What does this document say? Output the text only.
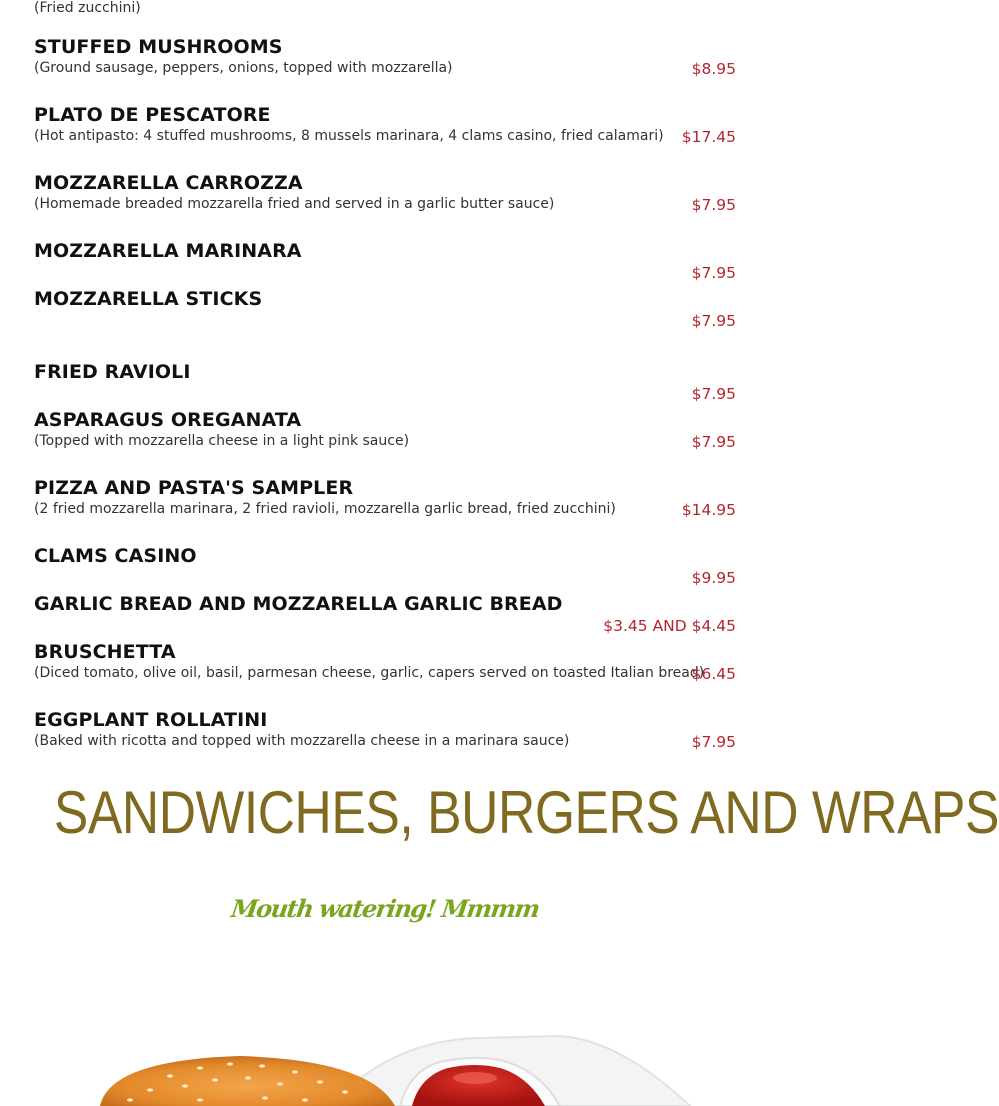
(Fried zucchini)
STUFFED MUSHROOMS
(Ground sausage, peppers, onions, topped with mozzarella)	$8.95
PLATO DE PESCATORE
(Hot antipasto: 4 stuffed mushrooms, 8 mussels marinara, 4 clams casino, fried calamari) $17.45
MOZZARELLA CARROZZA
(Homemade breaded mozzarella fried and served in a garlic butter sauce)	$7.95
MOZZARELLA MARINARA
$7.95
MOZZARELLA STICKS
$7.95
FRIED RAVIOLI
$7.95
ASPARAGUS OREGANATA
(Topped with mozzarella cheese in a light pink sauce)	$7.95
PIZZA AND PASTA'S SAMPLER
(2 fried mozzarella marinara, 2 fried ravioli, mozzarella garlic bread, fried zucchini)	$14.95
CLAMS CASINO
$9.95
GARLIC BREAD AND MOZZARELLA GARLIC BREAD
$3.45 AND $4.45
BRUSCHETTA
(Diced tomato, olive oil, basil, parmesan cheese, garlic, capers served on toasted Italian bread)
$6.45
EGGPLANT ROLLATINI
(Baked with ricotta and topped with mozzarella cheese in a marinara sauce)	$7.95
SANDWICHES, BURGERS AND WRAPS
Mouth watering! Mmmm
